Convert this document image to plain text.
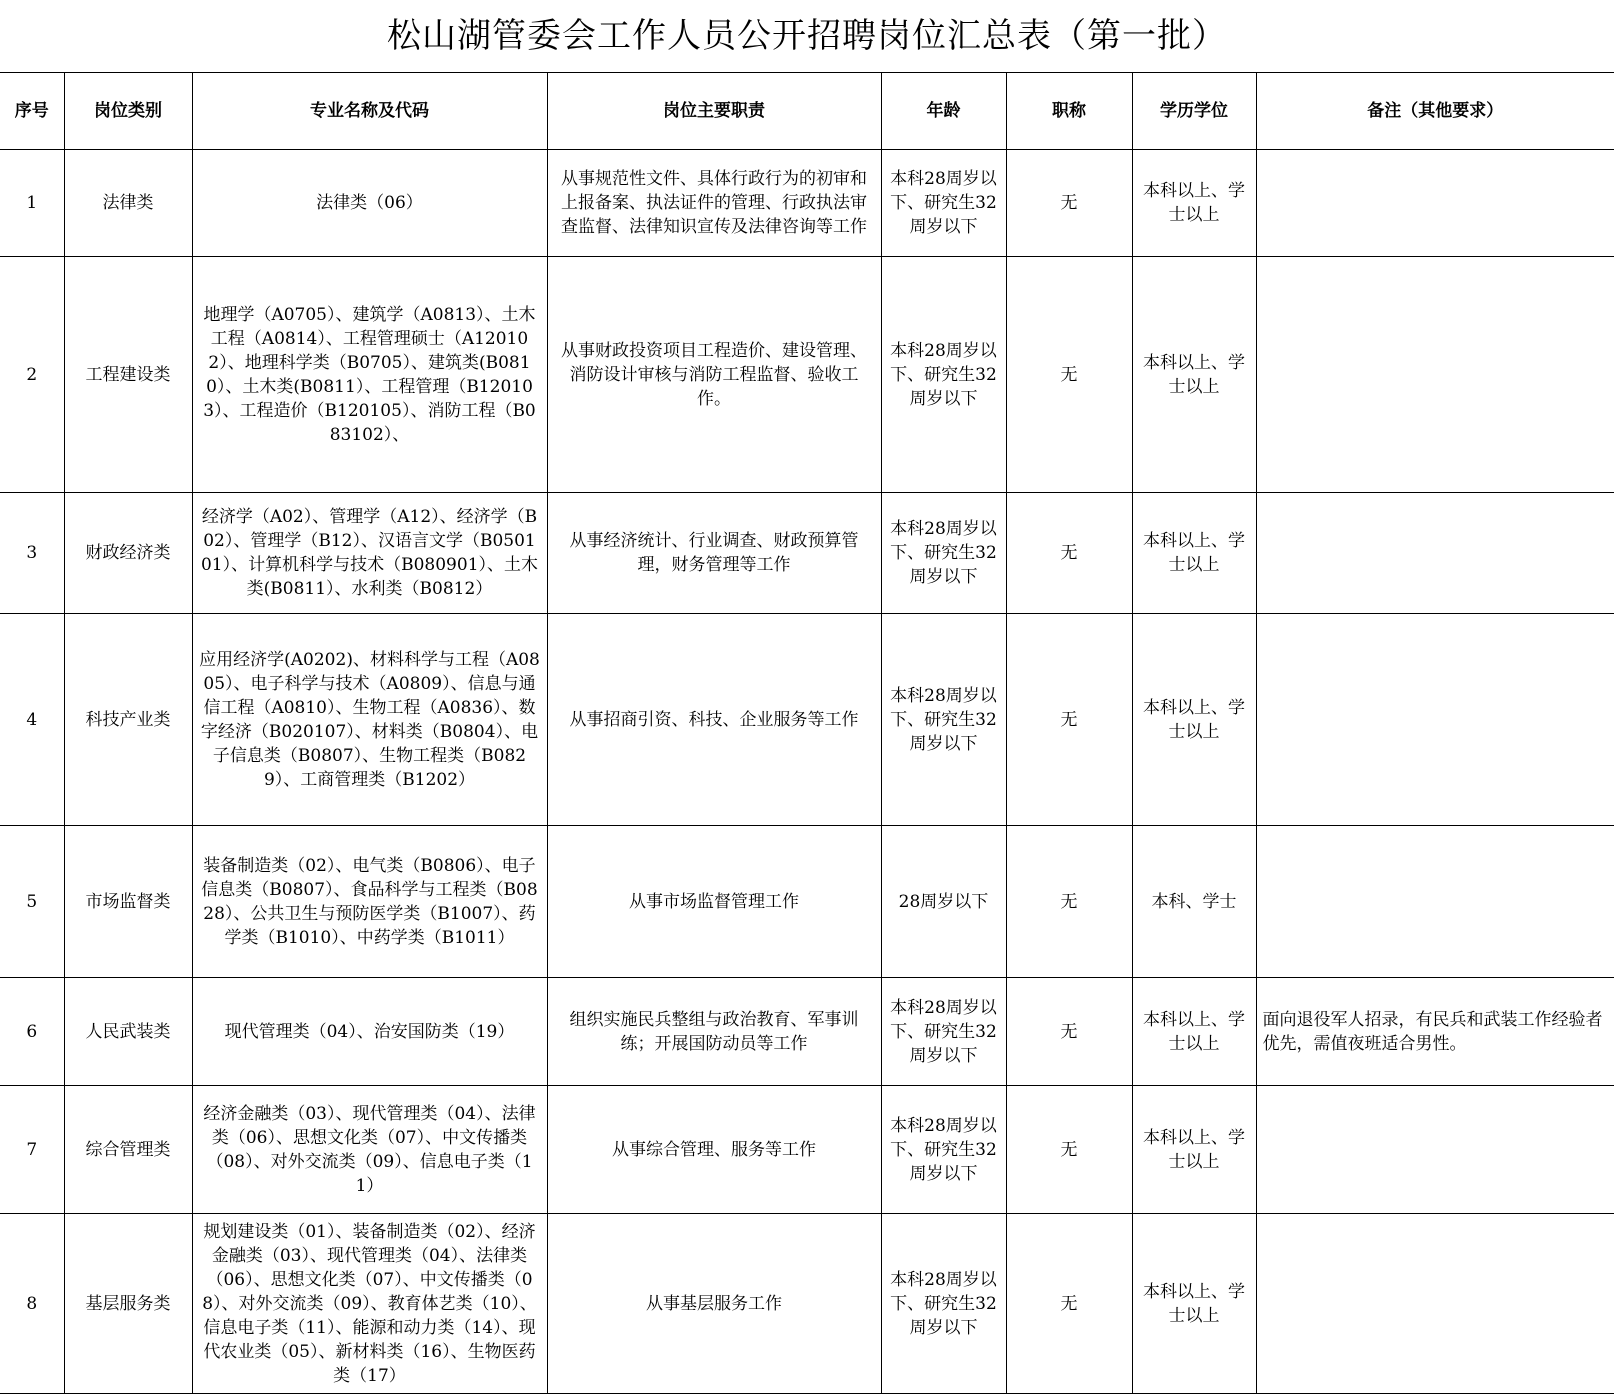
松山湖管委会工作人员公开招聘岗位汇总表（第一批）							
序号	岗位类别	专业名称及代码	岗位主要职责	年龄	职称	学历学位	备注（其他要求）
1	法律类	法律类（06）	从事规范性文件、具体行政行为的初审和上报备案、执法证件的管理、行政执法审查监督、法律知识宣传及法律咨询等工作	本科28周岁以下、研究生32周岁以下	无	本科以上、学士以上	
2	工程建设类	地理学（A0705）、建筑学（A0813）、土木工程（A0814）、工程管理硕士（A120102）、地理科学类（B0705）、建筑类(B0810）、土木类(B0811）、工程管理（B120103）、工程造价（B120105）、消防工程（B083102）、	从事财政投资项目工程造价、建设管理、消防设计审核与消防工程监督、验收工作。	本科28周岁以下、研究生32周岁以下	无	本科以上、学士以上	
3	财政经济类	经济学（A02）、管理学（A12）、经济学（B02）、管理学（B12）、汉语言文学（B050101）、计算机科学与技术（B080901）、土木类(B0811）、水利类（B0812）	从事经济统计、行业调查、财政预算管理，财务管理等工作	本科28周岁以下、研究生32周岁以下	无	本科以上、学士以上	
4	科技产业类	应用经济学(A0202)、材料科学与工程（A0805）、电子科学与技术（A0809）、信息与通信工程（A0810）、生物工程（A0836）、数字经济（B020107）、材料类（B0804）、电子信息类（B0807）、生物工程类（B0829）、工商管理类（B1202）	从事招商引资、科技、企业服务等工作	本科28周岁以下、研究生32周岁以下	无	本科以上、学士以上	
5	市场监督类	装备制造类（02）、电气类（B0806）、电子信息类（B0807）、食品科学与工程类（B0828）、公共卫生与预防医学类（B1007）、药学类（B1010）、中药学类（B1011）	从事市场监督管理工作	28周岁以下	无	本科、学士	
6	人民武装类	现代管理类（04）、治安国防类（19）	组织实施民兵整组与政治教育、军事训练；开展国防动员等工作	本科28周岁以下、研究生32周岁以下	无	本科以上、学士以上	面向退役军人招录，有民兵和武装工作经验者优先，需值夜班适合男性。
7	综合管理类	经济金融类（03）、现代管理类（04）、法律类（06）、思想文化类（07）、中文传播类（08）、对外交流类（09）、信息电子类（11）	从事综合管理、服务等工作	本科28周岁以下、研究生32周岁以下	无	本科以上、学士以上	
8	基层服务类	规划建设类（01）、装备制造类（02）、经济金融类（03）、现代管理类（04）、法律类（06）、思想文化类（07）、中文传播类（08）、对外交流类（09）、教育体艺类（10）、信息电子类（11）、能源和动力类（14）、现代农业类（05）、新材料类（16）、生物医药类（17）	从事基层服务工作	本科28周岁以下、研究生32周岁以下	无	本科以上、学士以上	
